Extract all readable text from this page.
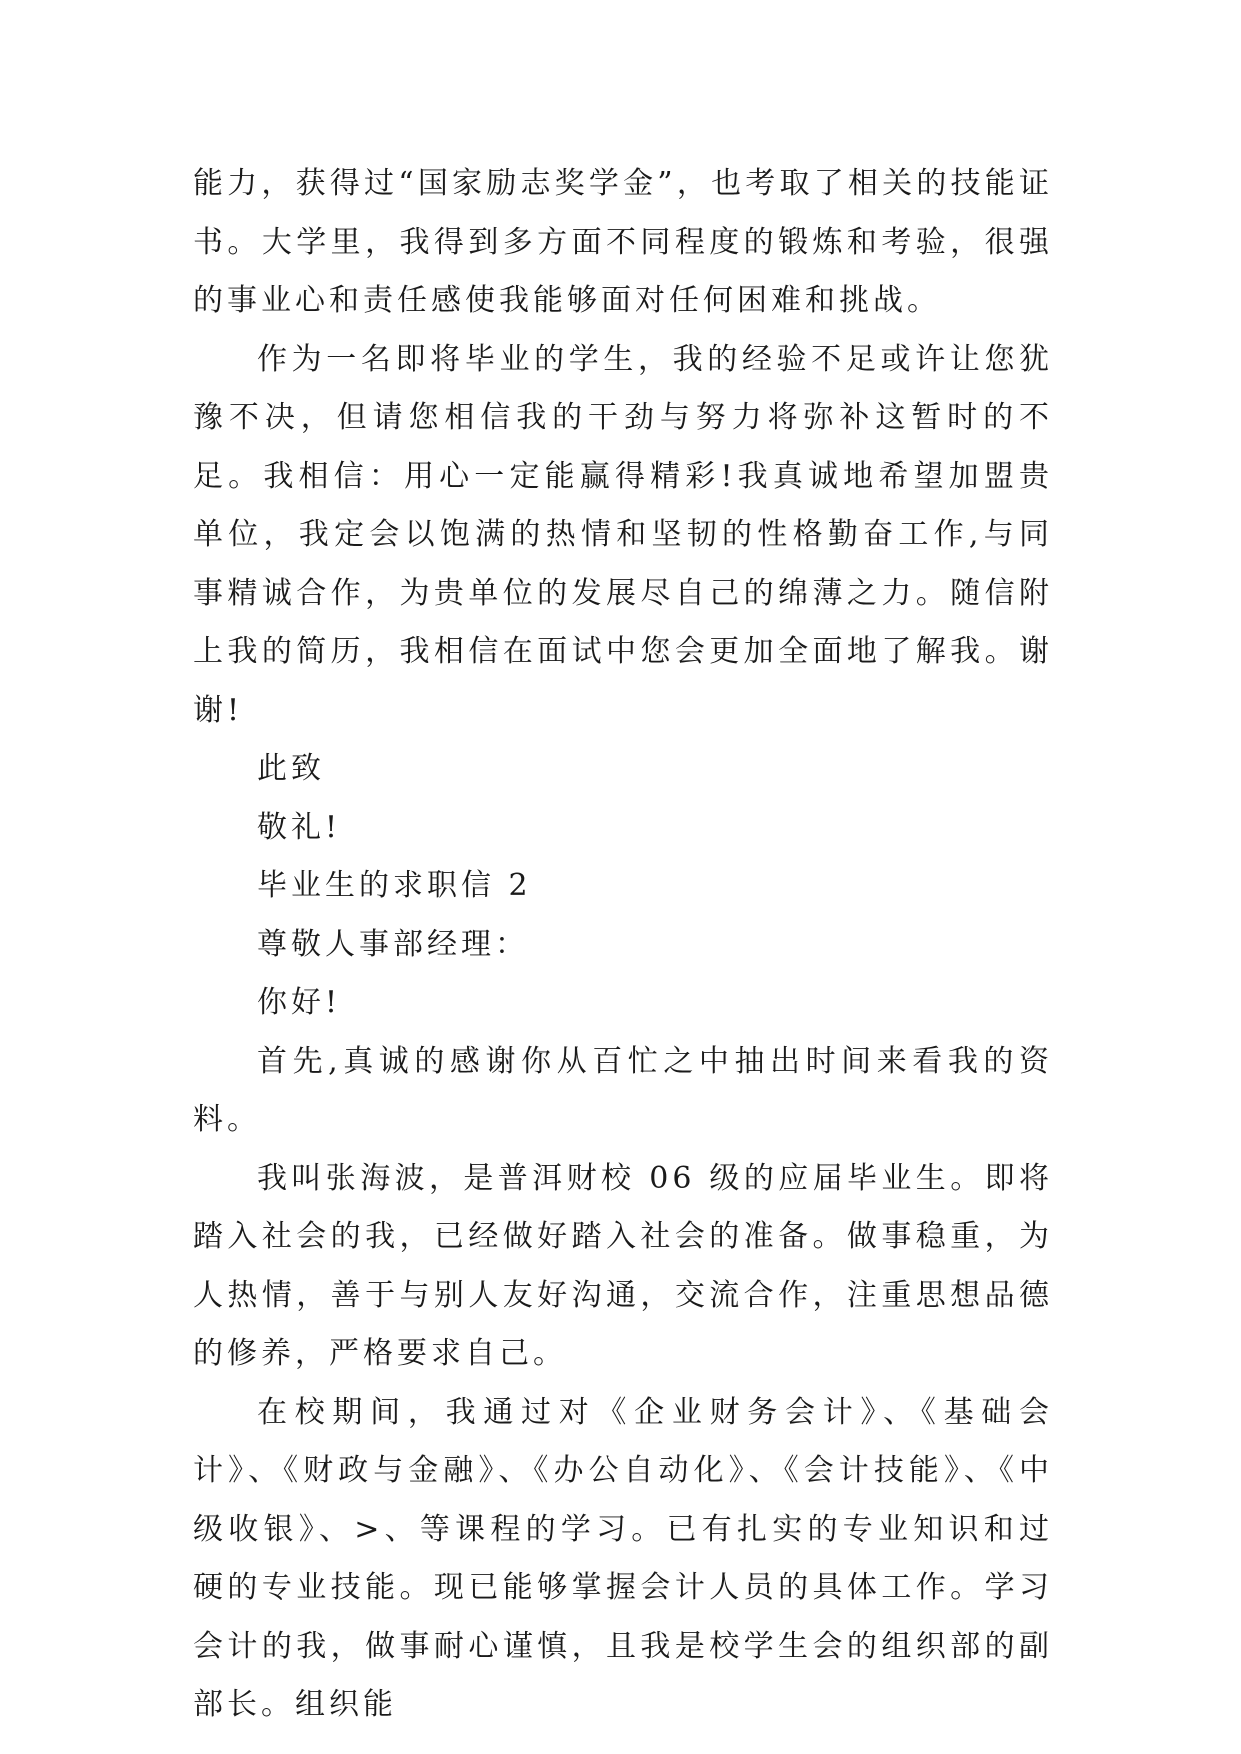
能力，获得过“国家励志奖学金”，也考取了相关的技能证书。大学里，我得到多方面不同程度的锻炼和考验，很强的事业心和责任感使我能够面对任何困难和挑战。

作为一名即将毕业的学生，我的经验不足或许让您犹豫不决，但请您相信我的干劲与努力将弥补这暂时的不足。我相信：用心一定能赢得精彩!我真诚地希望加盟贵单位，我定会以饱满的热情和坚韧的性格勤奋工作,与同事精诚合作，为贵单位的发展尽自己的绵薄之力。随信附上我的简历，我相信在面试中您会更加全面地了解我。谢谢!

此致

敬礼!

毕业生的求职信 2

尊敬人事部经理：

你好!

首先,真诚的感谢你从百忙之中抽出时间来看我的资料。

我叫张海波，是普洱财校 06 级的应届毕业生。即将踏入社会的我，已经做好踏入社会的准备。做事稳重，为人热情，善于与别人友好沟通，交流合作，注重思想品德的修养，严格要求自己。

在校期间，我通过对《企业财务会计》、《基础会计》、《财政与金融》、《办公自动化》、《会计技能》、《中级收银》、>、等课程的学习。已有扎实的专业知识和过硬的专业技能。现已能够掌握会计人员的具体工作。学习会计的我，做事耐心谨慎，且我是校学生会的组织部的副部长。组织能
